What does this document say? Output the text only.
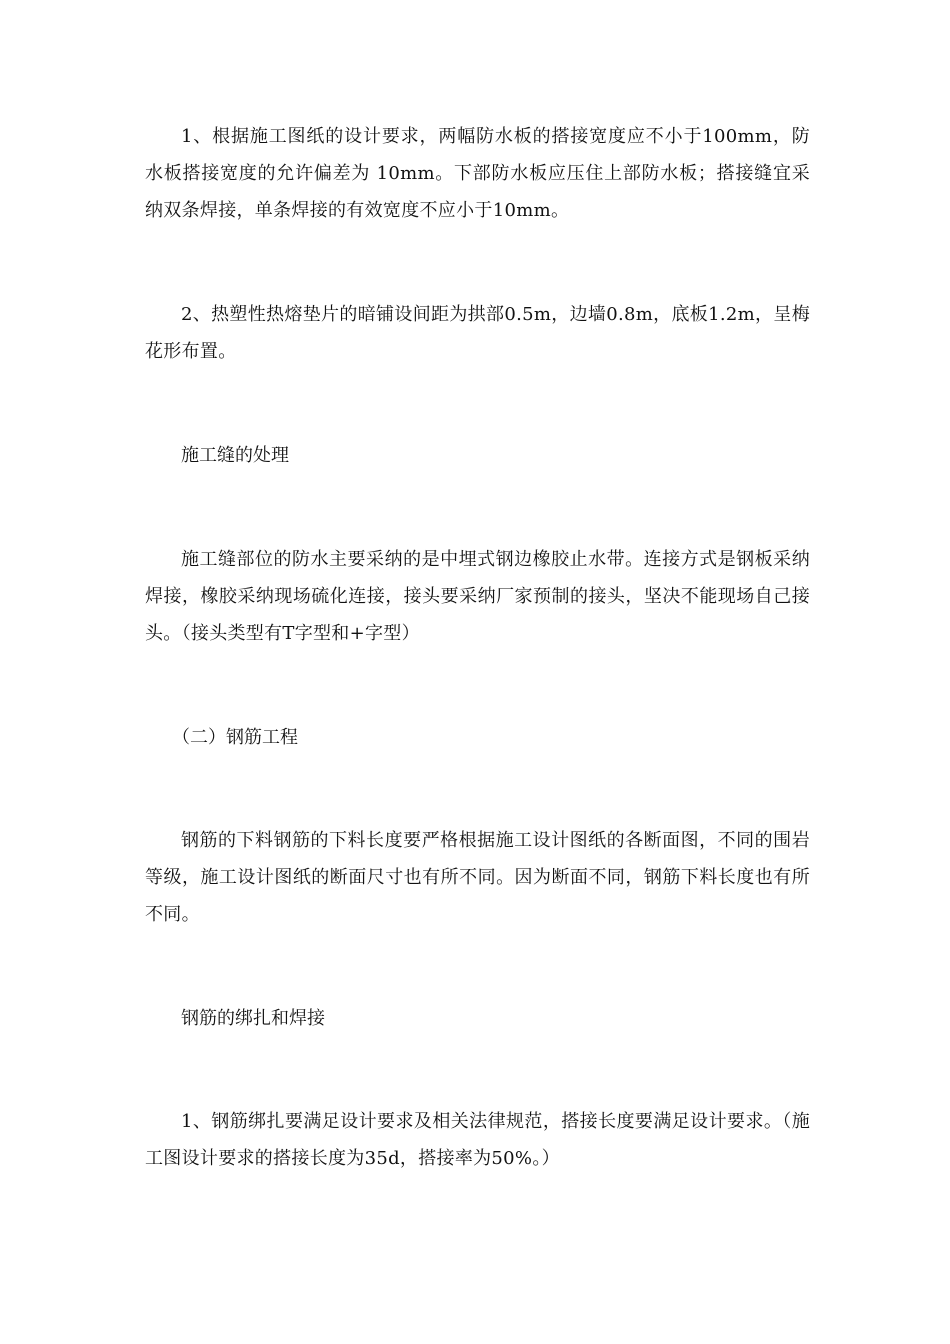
1、根据施工图纸的设计要求，两幅防水板的搭接宽度应不小于100mm，防水板搭接宽度的允许偏差为 10mm。下部防水板应压住上部防水板；搭接缝宜采纳双条焊接，单条焊接的有效宽度不应小于10mm。

2、热塑性热熔垫片的暗铺设间距为拱部0.5m，边墙0.8m，底板1.2m，呈梅花形布置。

施工缝的处理

施工缝部位的防水主要采纳的是中埋式钢边橡胶止水带。连接方式是钢板采纳焊接，橡胶采纳现场硫化连接，接头要采纳厂家预制的接头，坚决不能现场自己接头。（接头类型有T字型和+字型）

（二）钢筋工程

钢筋的下料钢筋的下料长度要严格根据施工设计图纸的各断面图，不同的围岩等级，施工设计图纸的断面尺寸也有所不同。因为断面不同，钢筋下料长度也有所不同。

钢筋的绑扎和焊接

1、钢筋绑扎要满足设计要求及相关法律规范，搭接长度要满足设计要求。（施工图设计要求的搭接长度为35d，搭接率为50%。）
